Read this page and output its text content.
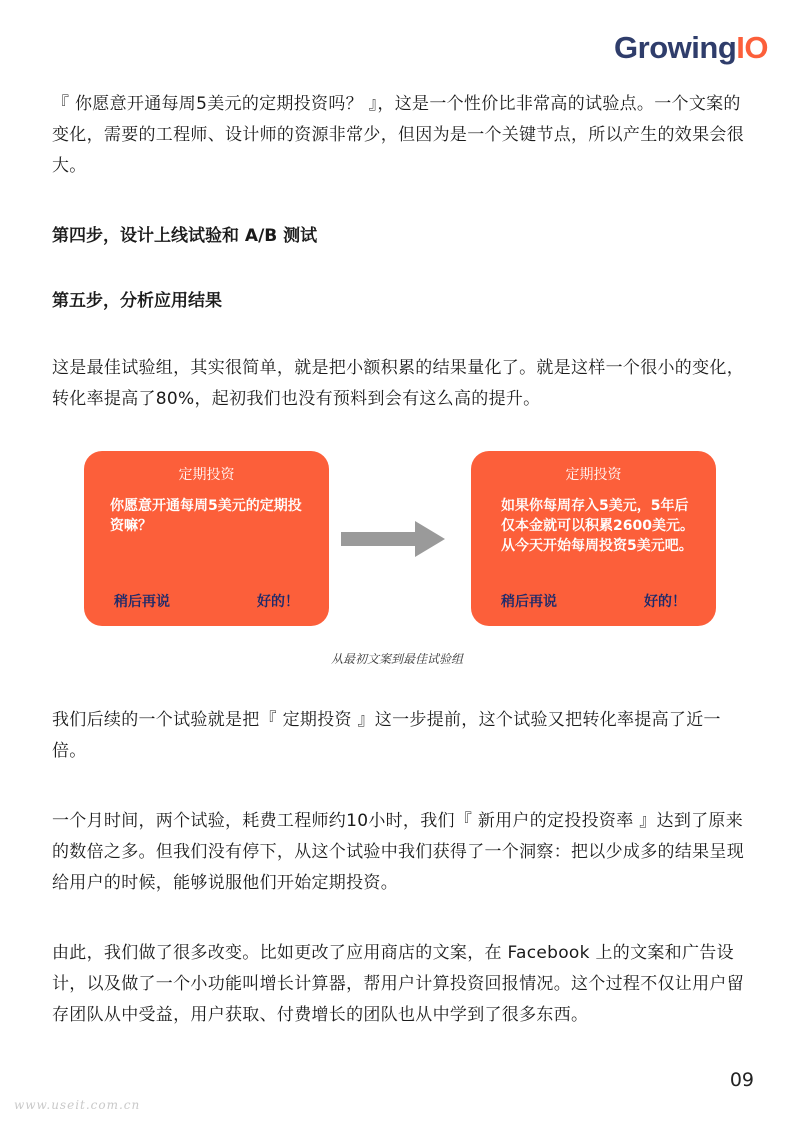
GrowingIO

『 你愿意开通每周5美元的定期投资吗？ 』，这是一个性价比非常高的试验点。一个文案的变化，需要的工程师、设计师的资源非常少，但因为是一个关键节点，所以产生的效果会很大。

第四步，设计上线试验和 A/B 测试

第五步，分析应用结果

这是最佳试验组，其实很简单，就是把小额积累的结果量化了。就是这样一个很小的变化，转化率提高了80%，起初我们也没有预料到会有这么高的提升。

定期投资
你愿意开通每周5美元的定期投资嘛？
稍后再说	好的！
定期投资
如果你每周存入5美元，5年后仅本金就可以积累2600美元。从今天开始每周投资5美元吧。
稍后再说	好的！
从最初文案到最佳试验组

我们后续的一个试验就是把『 定期投资 』这一步提前，这个试验又把转化率提高了近一倍。

一个月时间，两个试验，耗费工程师约10小时，我们『 新用户的定投投资率 』达到了原来的数倍之多。但我们没有停下，从这个试验中我们获得了一个洞察：把以少成多的结果呈现给用户的时候，能够说服他们开始定期投资。

由此，我们做了很多改变。比如更改了应用商店的文案，在 Facebook 上的文案和广告设计，以及做了一个小功能叫增长计算器，帮用户计算投资回报情况。这个过程不仅让用户留存团队从中受益，用户获取、付费增长的团队也从中学到了很多东西。

09
www.useit.com.cn
